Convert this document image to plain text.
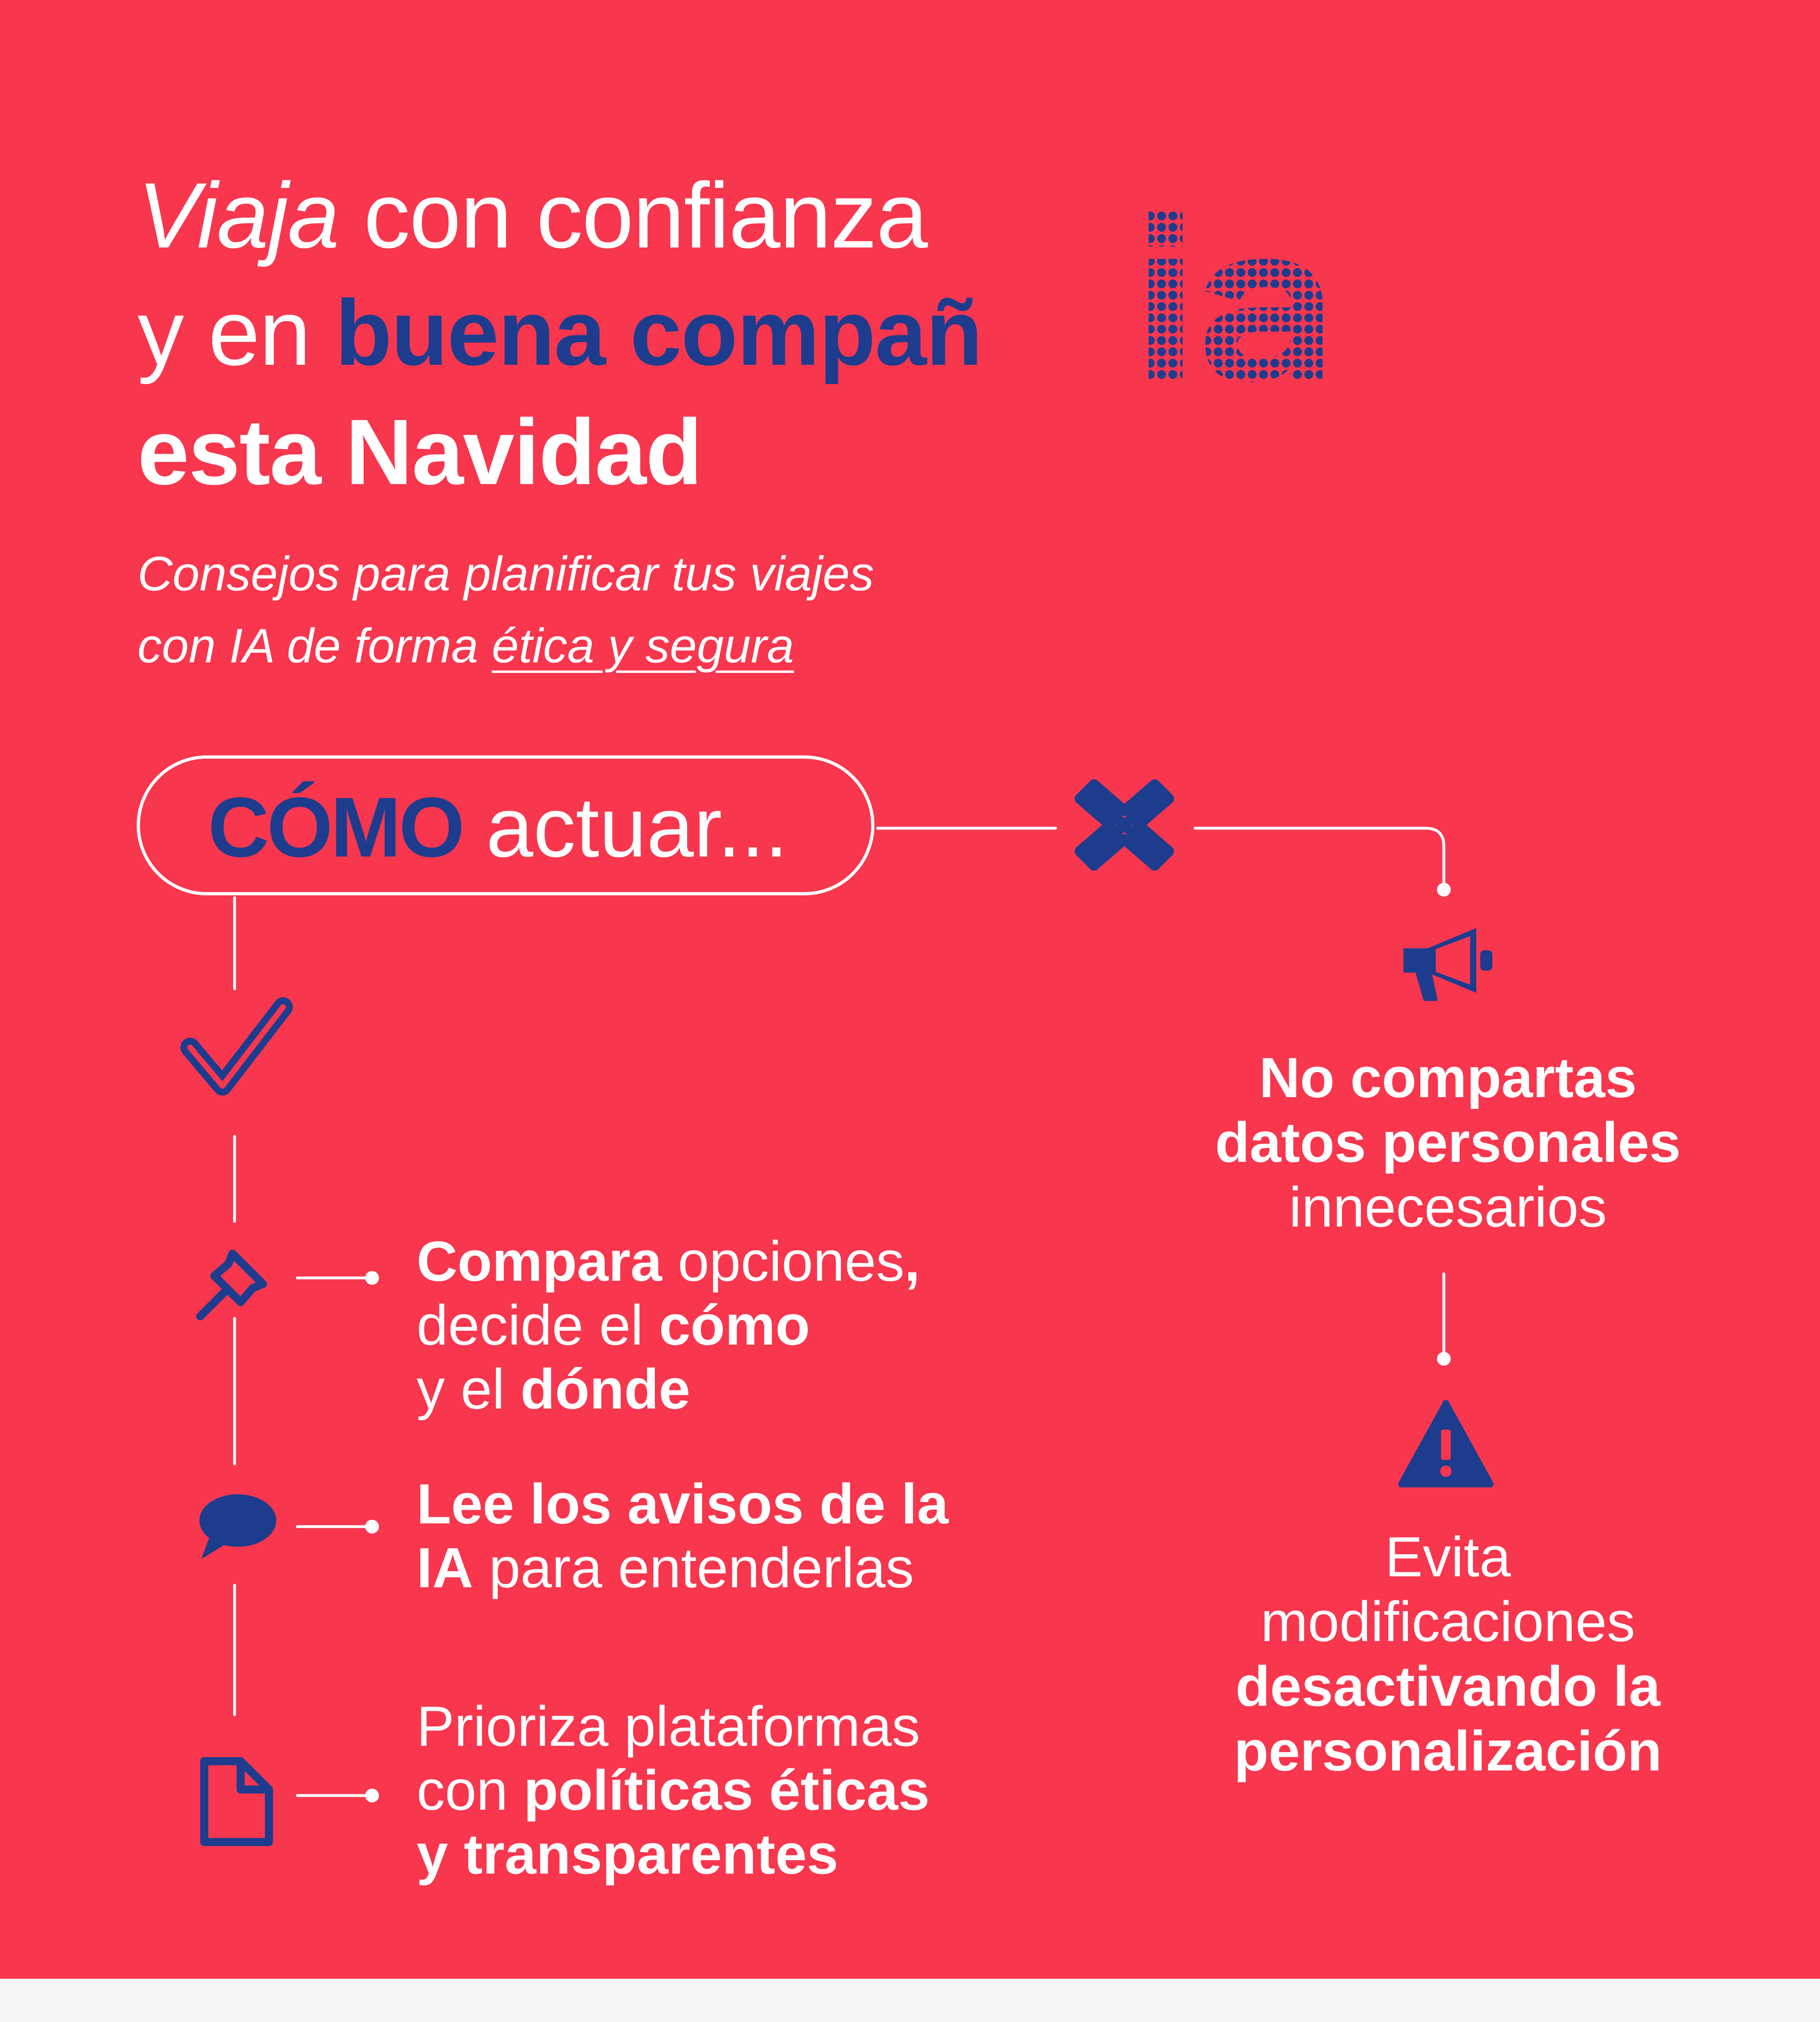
Viaja con confianza
y en buena compañ
esta Navidad
IA
Consejos para planificar tus viajes
con IA de forma ética y segura
CÓMO actuar...
Compara opciones,
decide el cómo
y el dónde
Lee los avisos de la
IA para entenderlas
Prioriza plataformas
con políticas éticas
y transparentes
No compartas
datos personales
innecesarios
Evita
modificaciones
desactivando la
personalización
